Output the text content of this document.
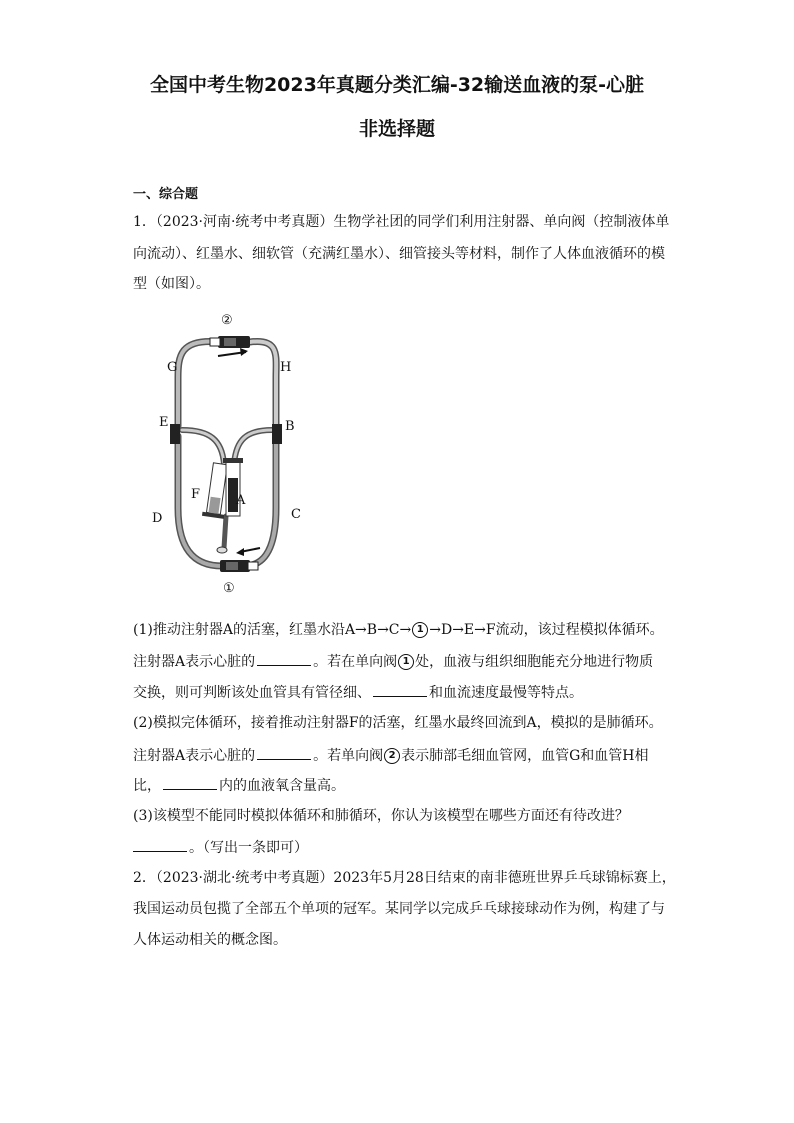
全国中考生物2023年真题分类汇编-32输送血液的泵-心脏
非选择题
一、综合题
1．（2023·河南·统考中考真题）生物学社团的同学们利用注射器、单向阀（控制液体单
向流动）、红墨水、细软管（充满红墨水）、细管接头等材料，制作了人体血液循环的模
型（如图）。
②
①
G	H
E	B
F	A
D	C
(1)推动注射器A的活塞，红墨水沿A→B→C→ 1 →D→E→F流动，该过程模拟体循环。
注射器A表示心脏的	。若在单向阀 1 处，血液与组织细胞能充分地进行物质
交换，则可判断该处血管具有管径细、	和血流速度最慢等特点。
(2)模拟完体循环，接着推动注射器F的活塞，红墨水最终回流到A，模拟的是肺循环。
注射器A表示心脏的	。若单向阀 2 表示肺部毛细血管网，血管G和血管H相
比，	内的血液氧含量高。
(3)该模型不能同时模拟体循环和肺循环，你认为该模型在哪些方面还有待改进？
。（写出一条即可）
2．（2023·湖北·统考中考真题）2023年5月28日结束的南非德班世界乒乓球锦标赛上，
我国运动员包揽了全部五个单项的冠军。某同学以完成乒乓球接球动作为例，构建了与
人体运动相关的概念图。
